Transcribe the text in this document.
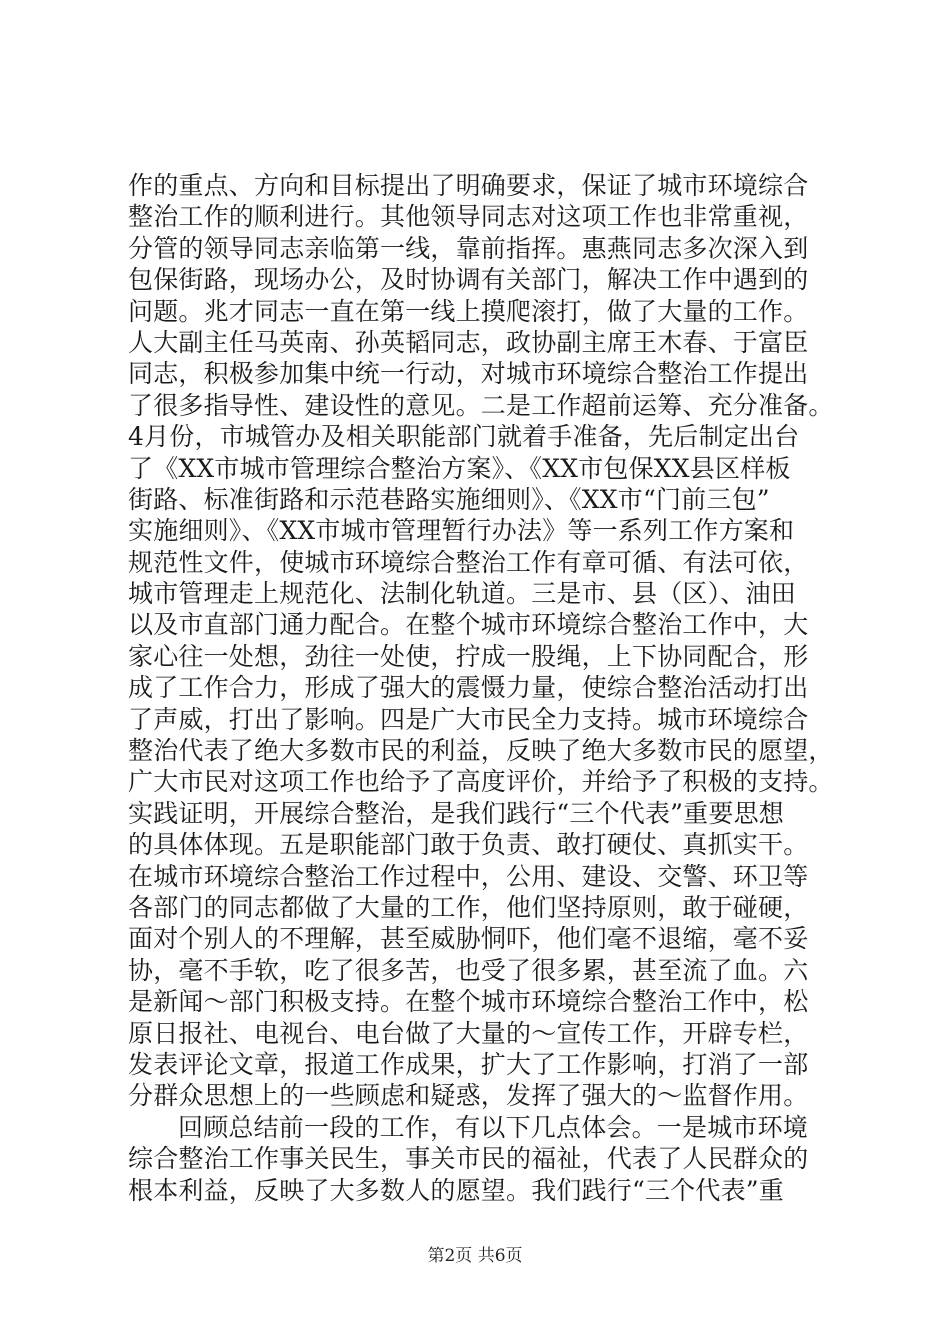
作的重点、方向和目标提出了明确要求，保证了城市环境综合
整治工作的顺利进行。其他领导同志对这项工作也非常重视，
分管的领导同志亲临第一线，靠前指挥。惠燕同志多次深入到
包保街路，现场办公，及时协调有关部门，解决工作中遇到的
问题。兆才同志一直在第一线上摸爬滚打，做了大量的工作。
人大副主任马英南、孙英韬同志，政协副主席王木春、于富臣
同志，积极参加集中统一行动，对城市环境综合整治工作提出
了很多指导性、建设性的意见。二是工作超前运筹、充分准备。
4月份，市城管办及相关职能部门就着手准备，先后制定出台
了《XX市城市管理综合整治方案》、《XX市包保XX县区样板
街路、标准街路和示范巷路实施细则》、《XX市“门前三包”
实施细则》、《XX市城市管理暂行办法》等一系列工作方案和
规范性文件，使城市环境综合整治工作有章可循、有法可依，
城市管理走上规范化、法制化轨道。三是市、县（区）、油田
以及市直部门通力配合。在整个城市环境综合整治工作中，大
家心往一处想，劲往一处使，拧成一股绳，上下协同配合，形
成了工作合力，形成了强大的震慑力量，使综合整治活动打出
了声威，打出了影响。四是广大市民全力支持。城市环境综合
整治代表了绝大多数市民的利益，反映了绝大多数市民的愿望，
广大市民对这项工作也给予了高度评价，并给予了积极的支持。
实践证明，开展综合整治，是我们践行“三个代表”重要思想
的具体体现。五是职能部门敢于负责、敢打硬仗、真抓实干。
在城市环境综合整治工作过程中，公用、建设、交警、环卫等
各部门的同志都做了大量的工作，他们坚持原则，敢于碰硬，
面对个别人的不理解，甚至威胁恫吓，他们毫不退缩，毫不妥
协，毫不手软，吃了很多苦，也受了很多累，甚至流了血。六
是新闻～部门积极支持。在整个城市环境综合整治工作中，松
原日报社、电视台、电台做了大量的～宣传工作，开辟专栏，
发表评论文章，报道工作成果，扩大了工作影响，打消了一部
分群众思想上的一些顾虑和疑惑，发挥了强大的～监督作用。
回顾总结前一段的工作，有以下几点体会。一是城市环境
综合整治工作事关民生，事关市民的福祉，代表了人民群众的
根本利益，反映了大多数人的愿望。我们践行“三个代表”重
第2页 共6页
